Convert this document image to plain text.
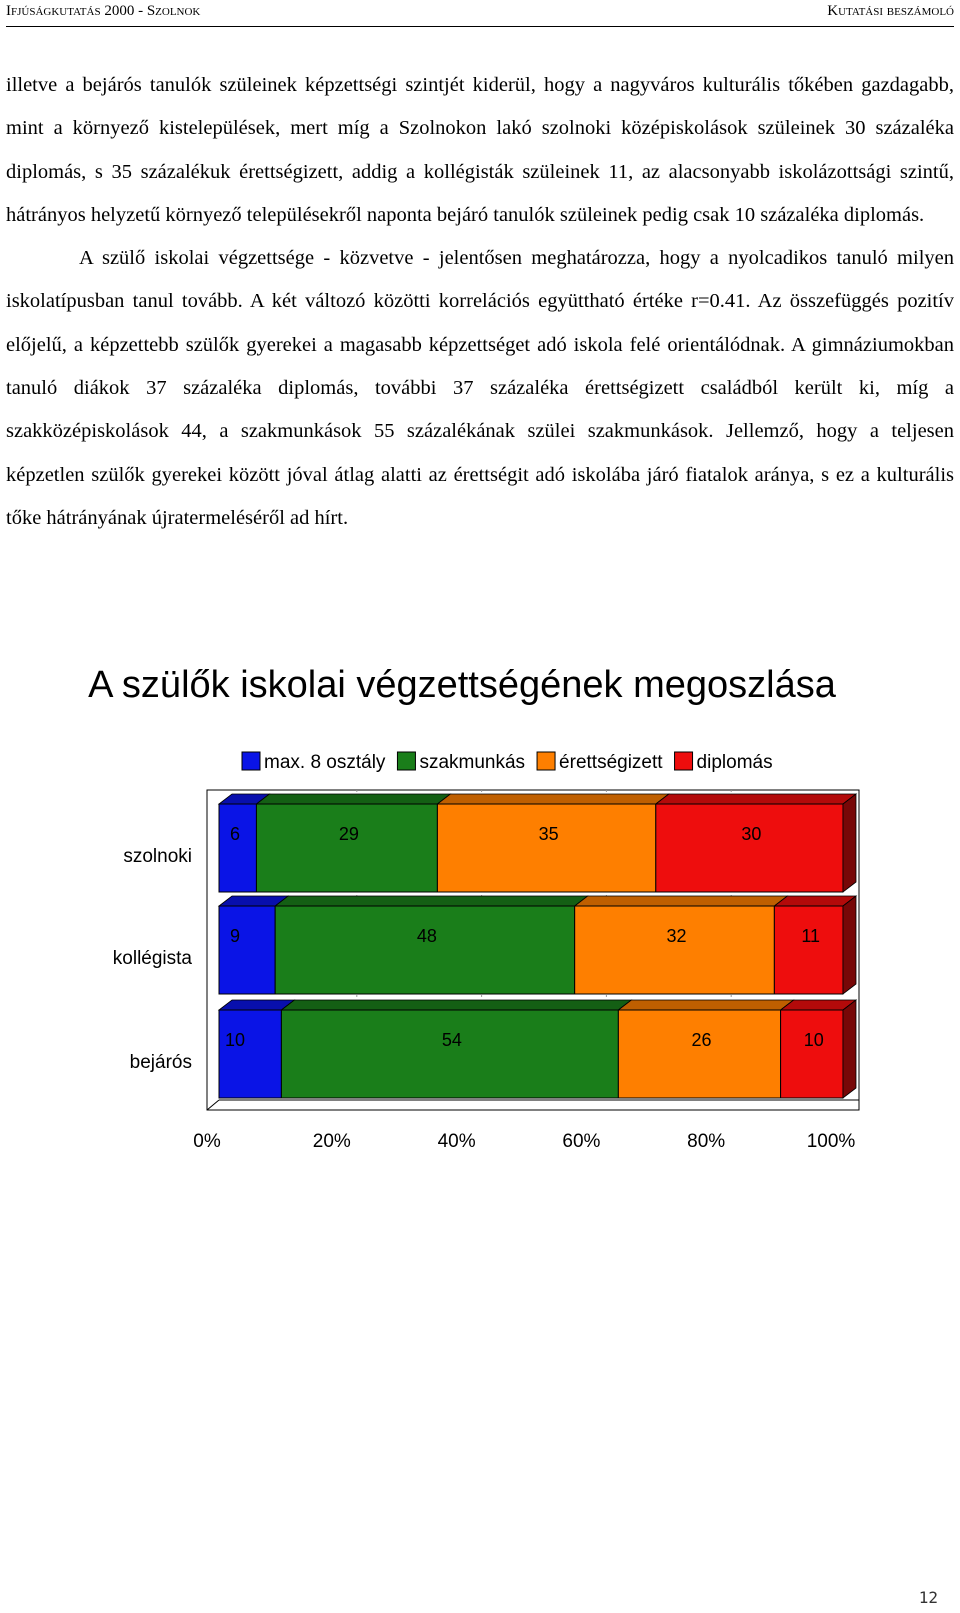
Ifjúságkutatás 2000 - Szolnok	Kutatási beszámoló

illetve a bejárós tanulók szüleinek képzettségi szintjét kiderül, hogy a nagyváros kulturális tőkében gazdagabb, mint a környező kistelepülések, mert míg a Szolnokon lakó szolnoki középiskolások szüleinek 30 százaléka diplomás, s 35 százalékuk érettségizett, addig a kollégisták szüleinek 11, az alacsonyabb iskolázottsági szintű, hátrányos helyzetű környező településekről naponta bejáró tanulók szüleinek pedig csak 10 százaléka diplomás.

A szülő iskolai végzettsége - közvetve - jelentősen meghatározza, hogy a nyolcadikos tanuló milyen iskolatípusban tanul tovább. A két változó közötti korrelációs együttható értéke r=0.41. Az összefüggés pozitív előjelű, a képzettebb szülők gyerekei a magasabb képzettséget adó iskola felé orientálódnak. A gimnáziumokban tanuló diákok 37 százaléka diplomás, további 37 százaléka érettségizett családból került ki, míg a szakközépiskolások 44, a szakmunkások 55 százalékának szülei szakmunkások. Jellemző, hogy a teljesen képzetlen szülők gyerekei között jóval átlag alatti az érettségit adó iskolába járó fiatalok aránya, s ez a kulturális tőke hátrányának újratermeléséről ad hírt.

A szülők iskolai végzettségének megoszlása
max. 8 osztály szakmunkás érettségizett diplomás
szolnoki
6	29	35	30
kollégista
9	48	32	11
bejárós
10	54	26	10
0%	20%	40%	60%	80%	100%
12
